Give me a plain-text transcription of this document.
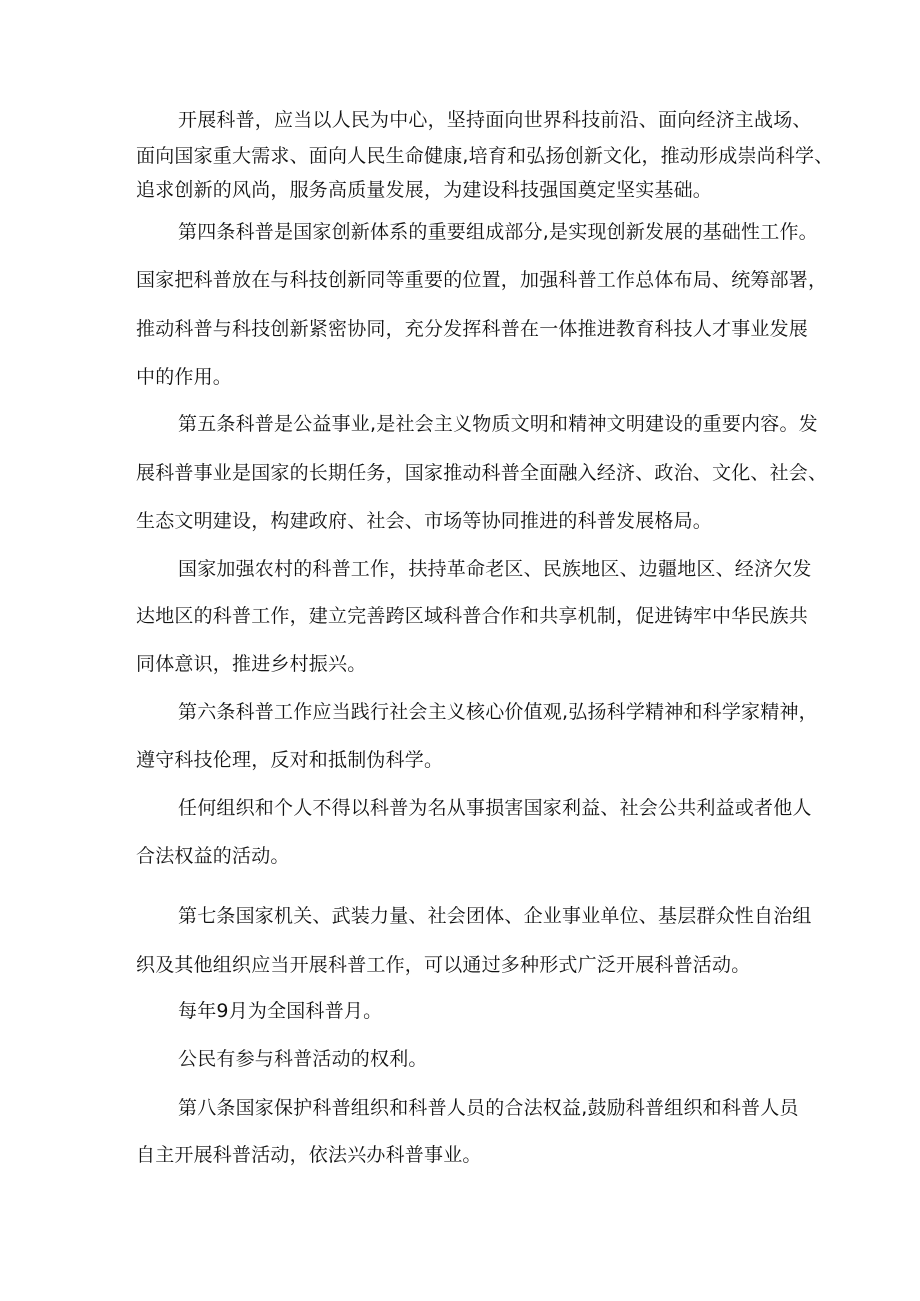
开展科普，应当以人民为中心，坚持面向世界科技前沿、面向经济主战场、
面向国家重大需求、面向人民生命健康,培育和弘扬创新文化，推动形成崇尚科学、
追求创新的风尚，服务高质量发展，为建设科技强国奠定坚实基础。
第四条科普是国家创新体系的重要组成部分,是实现创新发展的基础性工作。
国家把科普放在与科技创新同等重要的位置，加强科普工作总体布局、统筹部署，
推动科普与科技创新紧密协同，充分发挥科普在一体推进教育科技人才事业发展
中的作用。
第五条科普是公益事业,是社会主义物质文明和精神文明建设的重要内容。发
展科普事业是国家的长期任务，国家推动科普全面融入经济、政治、文化、社会、
生态文明建设，构建政府、社会、市场等协同推进的科普发展格局。
国家加强农村的科普工作，扶持革命老区、民族地区、边疆地区、经济欠发
达地区的科普工作，建立完善跨区域科普合作和共享机制，促进铸牢中华民族共
同体意识，推进乡村振兴。
第六条科普工作应当践行社会主义核心价值观,弘扬科学精神和科学家精神，
遵守科技伦理，反对和抵制伪科学。
任何组织和个人不得以科普为名从事损害国家利益、社会公共利益或者他人
合法权益的活动。
第七条国家机关、武装力量、社会团体、企业事业单位、基层群众性自治组
织及其他组织应当开展科普工作，可以通过多种形式广泛开展科普活动。
每年9月为全国科普月。
公民有参与科普活动的权利。
第八条国家保护科普组织和科普人员的合法权益,鼓励科普组织和科普人员
自主开展科普活动，依法兴办科普事业。
